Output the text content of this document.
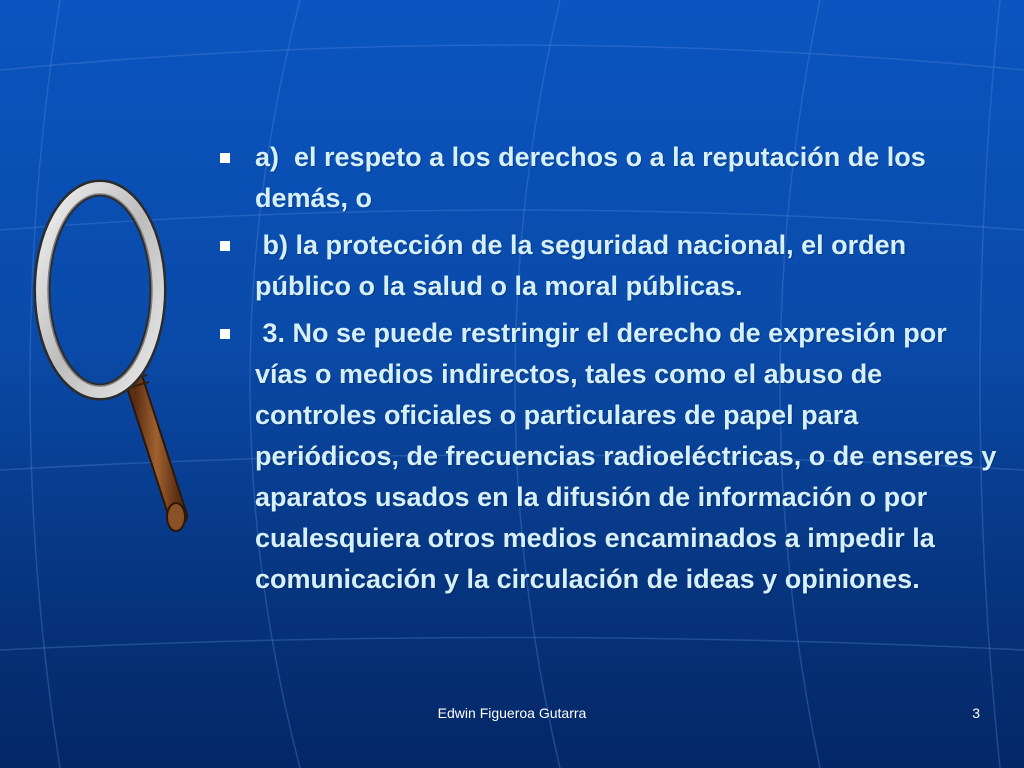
a)  el respeto a los derechos o a la reputación de los demás, o
b) la protección de la seguridad nacional, el orden público o la salud o la moral públicas.
3. No se puede restringir el derecho de expresión por vías o medios indirectos, tales como el abuso de controles oficiales o particulares de papel para periódicos, de frecuencias radioeléctricas, o de enseres y aparatos usados en la difusión de información o por cualesquiera otros medios encaminados a impedir la comunicación y la circulación de ideas y opiniones.
Edwin Figueroa Gutarra	3
